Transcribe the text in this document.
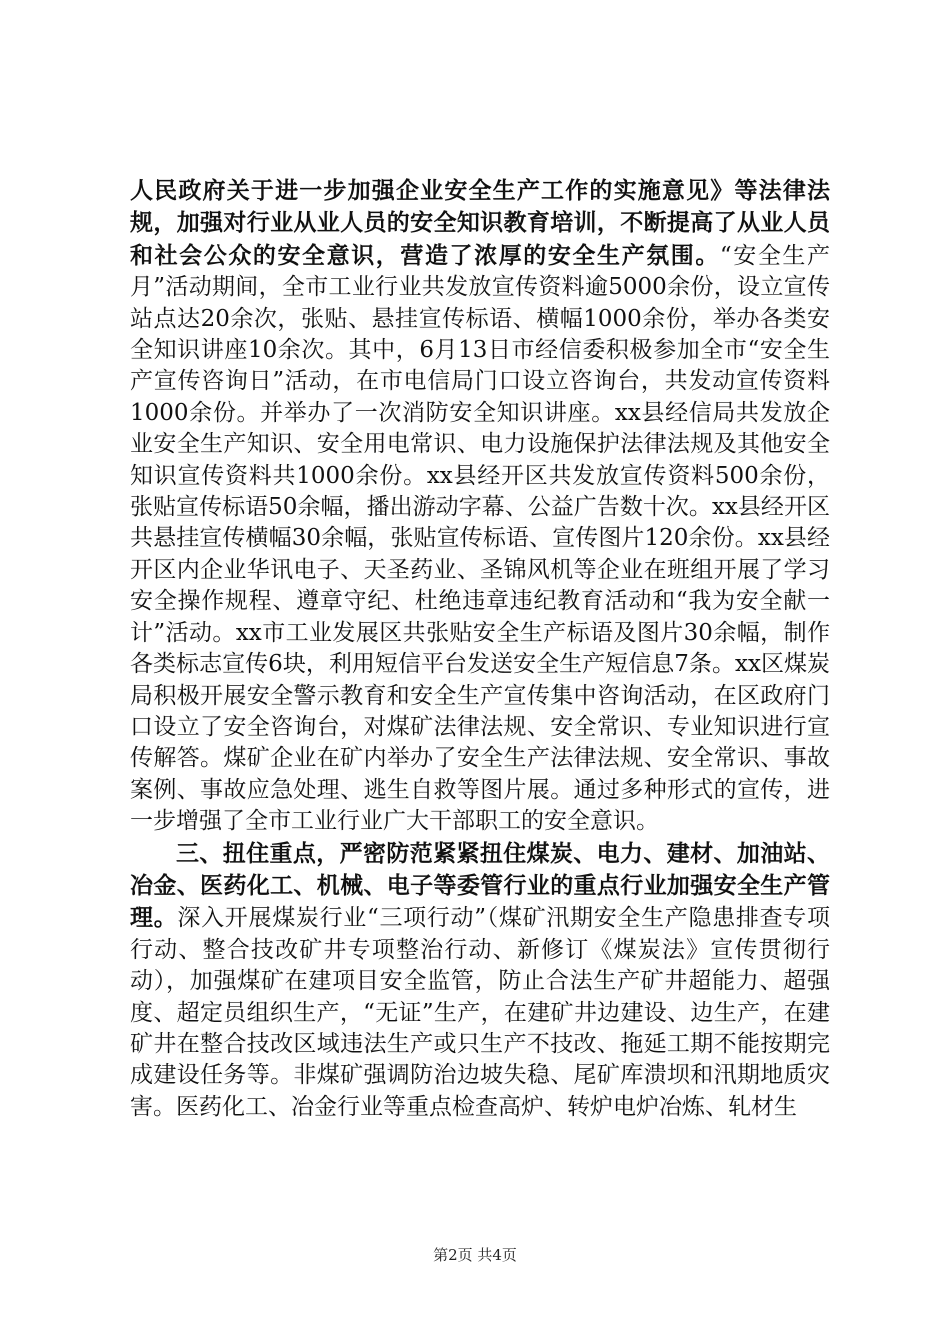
人民政府关于进一步加强企业安全生产工作的实施意见》等法律法规，加强对行业从业人员的安全知识教育培训，不断提高了从业人员和社会公众的安全意识，营造了浓厚的安全生产氛围。“安全生产月”活动期间，全市工业行业共发放宣传资料逾5000余份，设立宣传站点达20余次，张贴、悬挂宣传标语、横幅1000余份，举办各类安全知识讲座10余次。其中，6月13日市经信委积极参加全市“安全生产宣传咨询日”活动，在市电信局门口设立咨询台，共发动宣传资料1000余份。并举办了一次消防安全知识讲座。xx县经信局共发放企业安全生产知识、安全用电常识、电力设施保护法律法规及其他安全知识宣传资料共1000余份。xx县经开区共发放宣传资料500余份，张贴宣传标语50余幅，播出游动字幕、公益广告数十次。xx县经开区共悬挂宣传横幅30余幅，张贴宣传标语、宣传图片120余份。xx县经开区内企业华讯电子、天圣药业、圣锦风机等企业在班组开展了学习安全操作规程、遵章守纪、杜绝违章违纪教育活动和“我为安全献一计”活动。xx市工业发展区共张贴安全生产标语及图片30余幅，制作各类标志宣传6块，利用短信平台发送安全生产短信息7条。xx区煤炭局积极开展安全警示教育和安全生产宣传集中咨询活动，在区政府门口设立了安全咨询台，对煤矿法律法规、安全常识、专业知识进行宣传解答。煤矿企业在矿内举办了安全生产法律法规、安全常识、事故案例、事故应急处理、逃生自救等图片展。通过多种形式的宣传，进一步增强了全市工业行业广大干部职工的安全意识。

三、扭住重点，严密防范紧紧扭住煤炭、电力、建材、加油站、冶金、医药化工、机械、电子等委管行业的重点行业加强安全生产管理。深入开展煤炭行业“三项行动”（煤矿汛期安全生产隐患排查专项行动、整合技改矿井专项整治行动、新修订《煤炭法》宣传贯彻行动），加强煤矿在建项目安全监管，防止合法生产矿井超能力、超强度、超定员组织生产，“无证”生产，在建矿井边建设、边生产，在建矿井在整合技改区域违法生产或只生产不技改、拖延工期不能按期完成建设任务等。非煤矿强调防治边坡失稳、尾矿库溃坝和汛期地质灾害。医药化工、冶金行业等重点检查高炉、转炉电炉冶炼、轧材生

第2页 共4页
